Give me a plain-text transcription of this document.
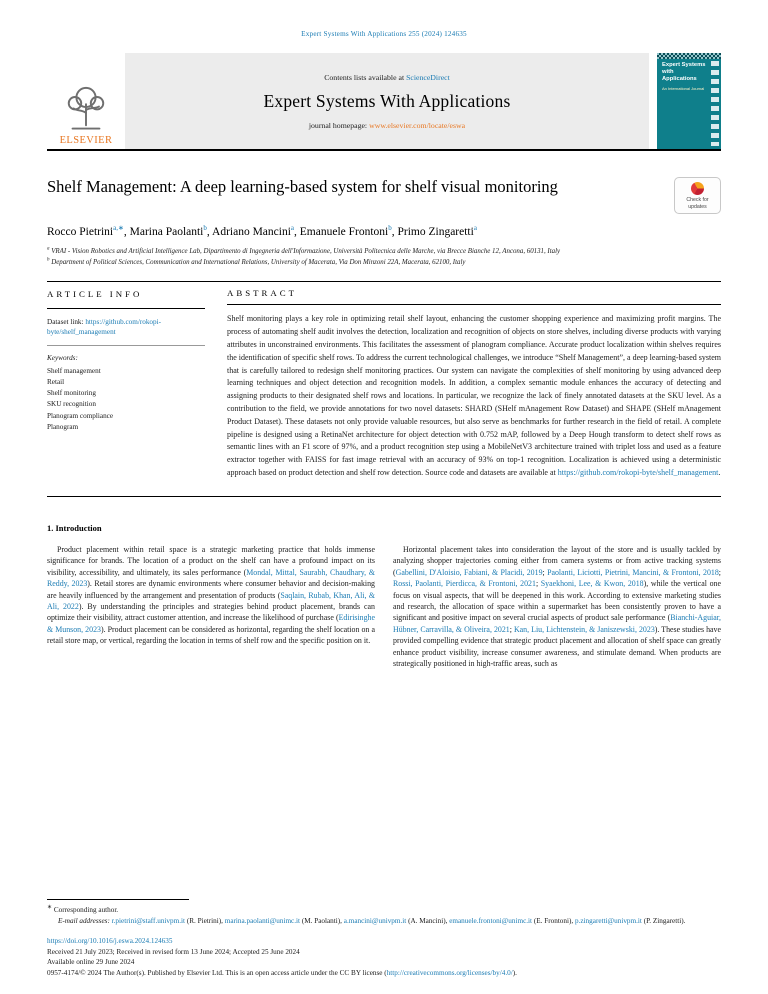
Expert Systems With Applications 255 (2024) 124635
ELSEVIER
Contents lists available at ScienceDirect
Expert Systems With Applications
journal homepage: www.elsevier.com/locate/eswa
Expert Systems with Applications
An International Journal
Shelf Management: A deep learning-based system for shelf visual monitoring
Check for updates
Rocco Pietrini$^{a,∗}$, Marina Paolanti$^b$, Adriano Mancini$^a$, Emanuele Frontoni$^b$, Primo Zingaretti$^a$
$^a$ VRAI - Vision Robotics and Artificial Intelligence Lab, Dipartimento di Ingegneria dell'Informazione, Università Politecnica delle Marche, via Brecce Bianche 12, Ancona, 60131, Italy
$^b$ Department of Political Sciences, Communication and International Relations, University of Macerata, Via Don Minzoni 22A, Macerata, 62100, Italy
ARTICLE INFO
Dataset link: https://github.com/rokopi-byte/shelf_management
Keywords:
Shelf management
Retail
Shelf monitoring
SKU recognition
Planogram compliance
Planogram
ABSTRACT
Shelf monitoring plays a key role in optimizing retail shelf layout, enhancing the customer shopping experience and maximizing profit margins. The process of automating shelf audit involves the detection, localization and recognition of objects on store shelves, including diverse products with varying attributes in unconstrained environments. This facilitates the assessment of planogram compliance. Accurate product localization within shelves requires the identification of specific shelf rows. To address the current technological challenges, we introduce “Shelf Management”, a deep learning-based system that is carefully tailored to redesign shelf monitoring practices. Our system can navigate the complexities of shelf monitoring by using advanced deep learning techniques and object detection and recognition models. In addition, a complex semantic module enhances the accuracy of detecting and assigning products to their designated shelf rows and locations. In particular, we recognize the lack of finely annotated datasets at the SKU level. As a contribution to the field, we provide annotations for two novel datasets: SHARD (SHelf mAnagement Row Dataset) and SHAPE (SHelf mAnagement Product Dataset). These datasets not only provide valuable resources, but also serve as benchmarks for further research in the field of retail. A complete pipeline is designed using a RetinaNet architecture for object detection with 0.752 mAP, followed by a Deep Hough transform to detect shelf rows as semantic lines with an F1 score of 97%, and a product recognition step using a MobileNetV3 architecture trained with triplet loss and used as a feature extractor together with FAISS for fast image retrieval with an accuracy of 93% on top-1 recognition. Localization is achieved using a deterministic approach based on product detection and shelf row detection. Source code and datasets are available at https://github.com/rokopi-byte/shelf_management.
1. Introduction
Product placement within retail space is a strategic marketing practice that holds immense significance for brands. The location of a product on the shelf can have a profound impact on its visibility, accessibility, and ultimately, its sales performance (Mondal, Mittal, Saurabh, Chaudhary, & Reddy, 2023). Retail stores are dynamic environments where consumer behavior and decision-making are heavily influenced by the arrangement and presentation of products (Saqlain, Rubab, Khan, Ali, & Ali, 2022). By understanding the principles and strategies behind product placement, brands can optimize their visibility, attract customer attention, and increase the likelihood of purchase (Edirisinghe & Munson, 2023). Product placement can be considered as horizontal, regarding the shelf location on a retail store map, or vertical, regarding the location in terms of shelf row and the specific position on it.
Horizontal placement takes into consideration the layout of the store and is usually tackled by analyzing shopper trajectories coming either from camera systems or from active tracking systems (Gabellini, D'Aloisio, Fabiani, & Placidi, 2019; Paolanti, Liciotti, Pietrini, Mancini, & Frontoni, 2018; Rossi, Paolanti, Pierdicca, & Frontoni, 2021; Syaekhoni, Lee, & Kwon, 2018), while the vertical one focus on visual aspects, that will be deepened in this work. According to extensive marketing studies and research, the allocation of space within a supermarket has been consistently proven to have a significant and positive impact on several crucial aspects of product sale performance (Bianchi-Aguiar, Hübner, Carravilla, & Oliveira, 2021; Kan, Liu, Lichtenstein, & Janiszewski, 2023). These studies have provided compelling evidence that strategic product placement and allocation of shelf space can greatly enhance product visibility, increase consumer awareness, and stimulate demand. When products are strategically positioned in high-traffic areas, such as
∗ Corresponding author.
E-mail addresses: r.pietrini@staff.univpm.it (R. Pietrini), marina.paolanti@unimc.it (M. Paolanti), a.mancini@univpm.it (A. Mancini), emanuele.frontoni@unimc.it (E. Frontoni), p.zingaretti@univpm.it (P. Zingaretti).
https://doi.org/10.1016/j.eswa.2024.124635
Received 21 July 2023; Received in revised form 13 June 2024; Accepted 25 June 2024
Available online 29 June 2024
0957-4174/© 2024 The Author(s). Published by Elsevier Ltd. This is an open access article under the CC BY license (http://creativecommons.org/licenses/by/4.0/).
